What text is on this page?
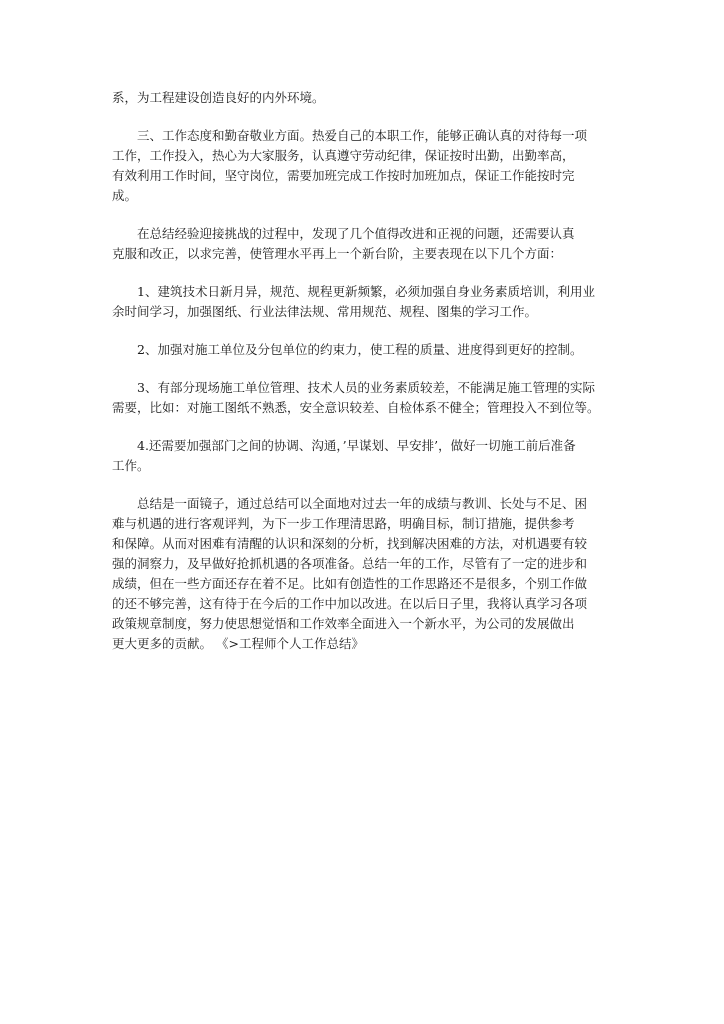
系，为工程建设创造良好的内外环境。

三、工作态度和勤奋敬业方面。热爱自己的本职工作，能够正确认真的对待每一项
工作，工作投入，热心为大家服务，认真遵守劳动纪律，保证按时出勤，出勤率高，
有效利用工作时间，坚守岗位，需要加班完成工作按时加班加点，保证工作能按时完
成。

在总结经验迎接挑战的过程中，发现了几个值得改进和正视的问题，还需要认真
克服和改正，以求完善，使管理水平再上一个新台阶，主要表现在以下几个方面：

1、建筑技术日新月异，规范、规程更新频繁，必须加强自身业务素质培训，利用业
余时间学习，加强图纸、行业法律法规、常用规范、规程、图集的学习工作。

2、加强对施工单位及分包单位的约束力，使工程的质量、进度得到更好的控制。

3、有部分现场施工单位管理、技术人员的业务素质较差，不能满足施工管理的实际
需要，比如：对施工图纸不熟悉，安全意识较差、自检体系不健全；管理投入不到位等。

4.还需要加强部门之间的协调、沟通，’早谋划、早安排’，做好一切施工前后准备
工作。

总结是一面镜子，通过总结可以全面地对过去一年的成绩与教训、长处与不足、困
难与机遇的进行客观评判，为下一步工作理清思路，明确目标，制订措施，提供参考
和保障。从而对困难有清醒的认识和深刻的分析，找到解决困难的方法，对机遇要有较
强的洞察力，及早做好抢抓机遇的各项准备。总结一年的工作，尽管有了一定的进步和
成绩，但在一些方面还存在着不足。比如有创造性的工作思路还不是很多，个别工作做
的还不够完善，这有待于在今后的工作中加以改进。在以后日子里，我将认真学习各项
政策规章制度，努力使思想觉悟和工作效率全面进入一个新水平，为公司的发展做出
更大更多的贡献。 《>工程师个人工作总结》
